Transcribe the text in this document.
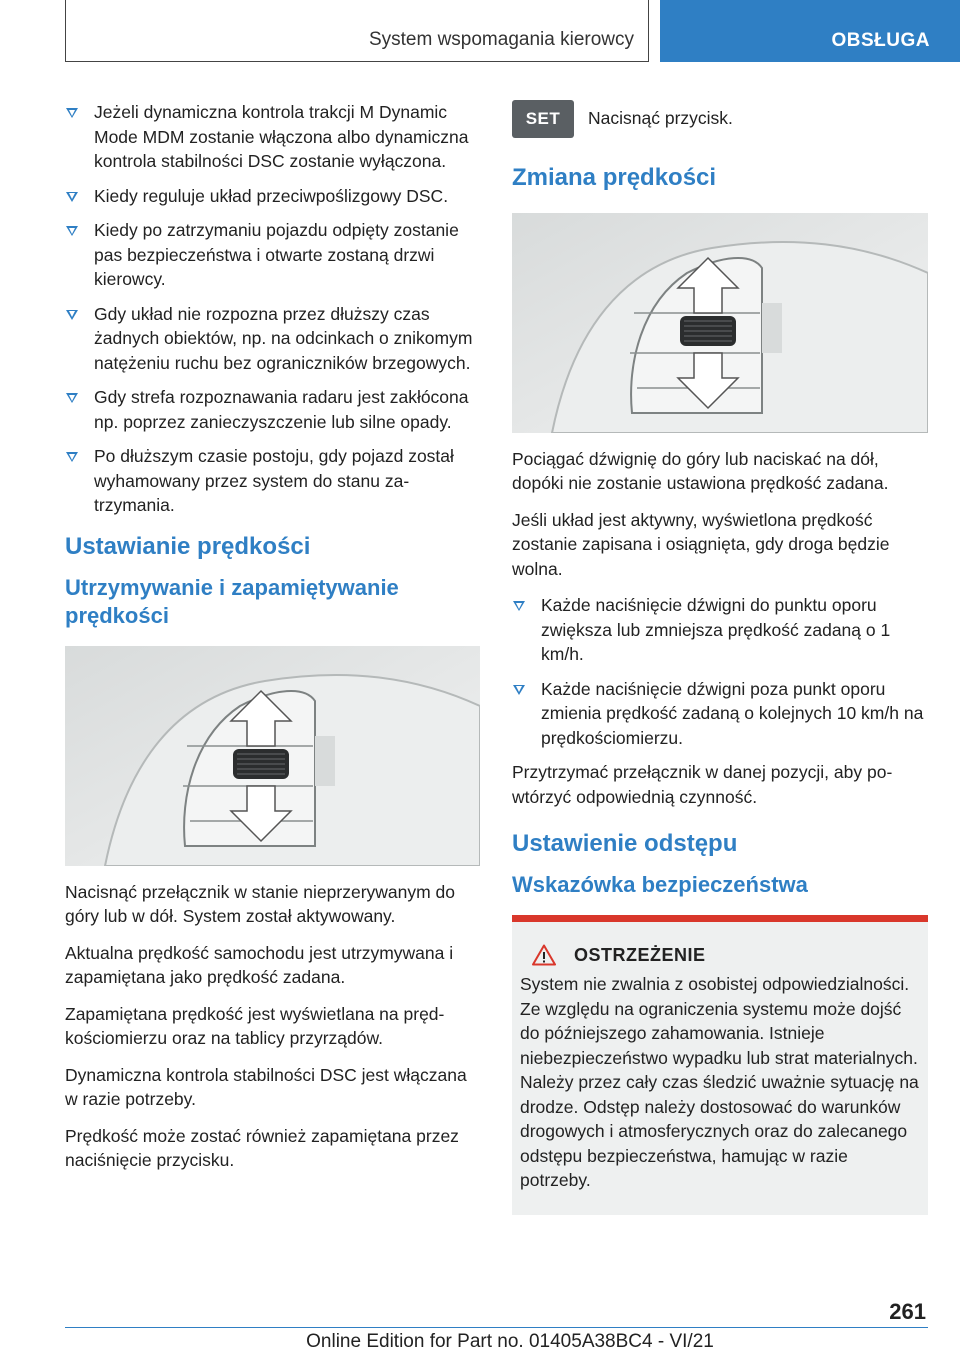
System wspomagania kierowcy	OBSŁUGA
Jeżeli dynamiczna kontrola trakcji M Dynamic Mode MDM zostanie włączona albo dynamiczna kontrola stabilności DSC zostanie wyłączona.
Kiedy reguluje układ przeciwpoślizgowy DSC.
Kiedy po zatrzymaniu pojazdu odpięty zostanie pas bezpieczeństwa i otwarte zostaną drzwi kierowcy.
Gdy układ nie rozpozna przez dłuższy czas żadnych obiektów, np. na odcinkach o znikomym natężeniu ruchu bez ograniczników brzegowych.
Gdy strefa rozpoznawania radaru jest zakłócona np. poprzez zanieczyszczenie lub silne opady.
Po dłuższym czasie postoju, gdy pojazd został wyhamowany przez system do stanu zatrzymania.
Ustawianie prędkości
Utrzymywanie i zapamiętywanie prędkości

Nacisnąć przełącznik w stanie nieprzerywanym do góry lub w dół. System został aktywowany.

Aktualna prędkość samochodu jest utrzymywana i zapamiętana jako prędkość zadana.

Zapamiętana prędkość jest wyświetlana na prędkościomierzu oraz na tablicy przyrządów.

Dynamiczna kontrola stabilności DSC jest włączana w razie potrzeby.

Prędkość może zostać również zapamiętana przez naciśnięcie przycisku.

SET Nacisnąć przycisk.

Zmiana prędkości

Pociągać dźwignię do góry lub naciskać na dół, dopóki nie zostanie ustawiona prędkość zadana.

Jeśli układ jest aktywny, wyświetlona prędkość zostanie zapisana i osiągnięta, gdy droga będzie wolna.

Każde naciśnięcie dźwigni do punktu oporu zwiększa lub zmniejsza prędkość zadaną o 1 km/h.
Każde naciśnięcie dźwigni poza punkt oporu zmienia prędkość zadaną o kolejnych 10 km/h na prędkościomierzu.

Przytrzymać przełącznik w danej pozycji, aby powtórzyć odpowiednią czynność.

Ustawienie odstępu
Wskazówka bezpieczeństwa
OSTRZEŻENIE

System nie zwalnia z osobistej odpowiedzialności. Ze względu na ograniczenia systemu może dojść do późniejszego zahamowania. Istnieje niebezpieczeństwo wypadku lub strat materialnych. Należy przez cały czas śledzić uważnie sytuację na drodze. Odstęp należy dostosować do warunków drogowych i atmosferycznych oraz do zalecanego odstępu bezpieczeństwa, hamując w razie potrzeby.

261
Online Edition for Part no. 01405A38BC4 - VI/21
